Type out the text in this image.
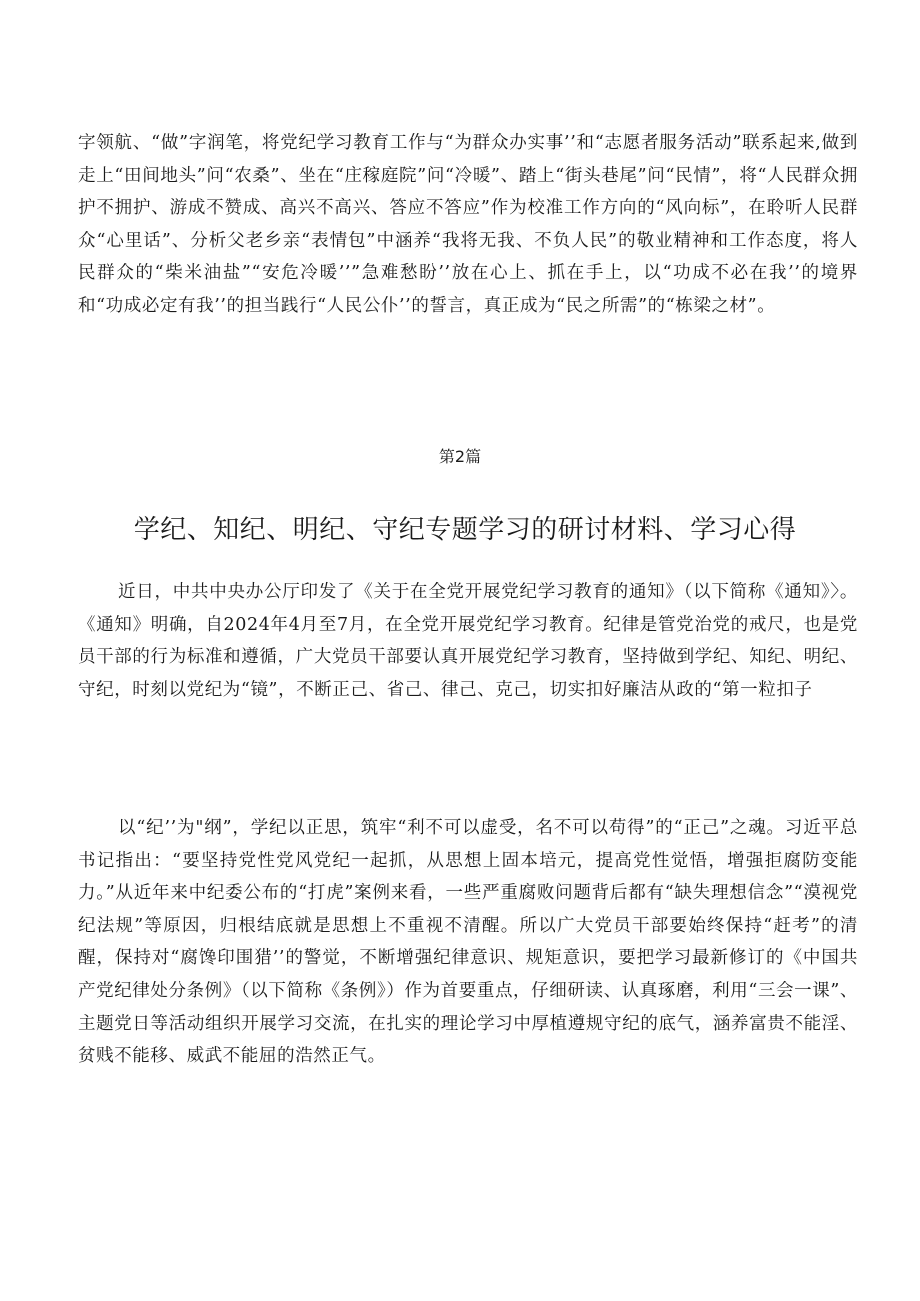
字领航、“做”字润笔，将党纪学习教育工作与“为群众办实事’’和“志愿者服务活动”联系起来,做到走上“田间地头”问“农桑”、坐在“庄稼庭院”问“冷暖”、踏上“街头巷尾”问“民情”，将“人民群众拥护不拥护、游成不赞成、高兴不高兴、答应不答应”作为校准工作方向的“风向标”，在聆听人民群众“心里话”、分析父老乡亲“表情包”中涵养“我将无我、不负人民”的敬业精神和工作态度，将人民群众的“柴米油盐”“安危冷暖’’”急难愁盼’’放在心上、抓在手上，以“功成不必在我’’的境界和“功成必定有我’’的担当践行“人民公仆’’的誓言，真正成为“民之所需”的“栋梁之材”。

第2篇
学纪、知纪、明纪、守纪专题学习的研讨材料、学习心得

近日，中共中央办公厅印发了《关于在全党开展党纪学习教育的通知》（以下简称《通知》〉。《通知》明确，自2024年4月至7月，在全党开展党纪学习教育。纪律是管党治党的戒尺，也是党员干部的行为标准和遵循，广大党员干部要认真开展党纪学习教育，坚持做到学纪、知纪、明纪、守纪，时刻以党纪为“镜”，不断正己、省己、律己、克己，切实扣好廉洁从政的“第一粒扣子

以“纪’’为"纲”，学纪以正思，筑牢“利不可以虚受，名不可以苟得”的“正己”之魂。习近平总书记指出：“要坚持党性党风党纪一起抓，从思想上固本培元，提高党性觉悟，增强拒腐防变能力。”从近年来中纪委公布的“打虎”案例来看，一些严重腐败问题背后都有“缺失理想信念”“漠视党纪法规”等原因，归根结底就是思想上不重视不清醒。所以广大党员干部要始终保持“赶考”的清醒，保持对“腐馋印围猎’’的警觉，不断增强纪律意识、规矩意识，要把学习最新修订的《中国共产党纪律处分条例》（以下简称《条例》）作为首要重点，仔细研读、认真琢磨，利用“三会一课”、主题党日等活动组织开展学习交流，在扎实的理论学习中厚植遵规守纪的底气，涵养富贵不能淫、贫贱不能移、威武不能屈的浩然正气。
